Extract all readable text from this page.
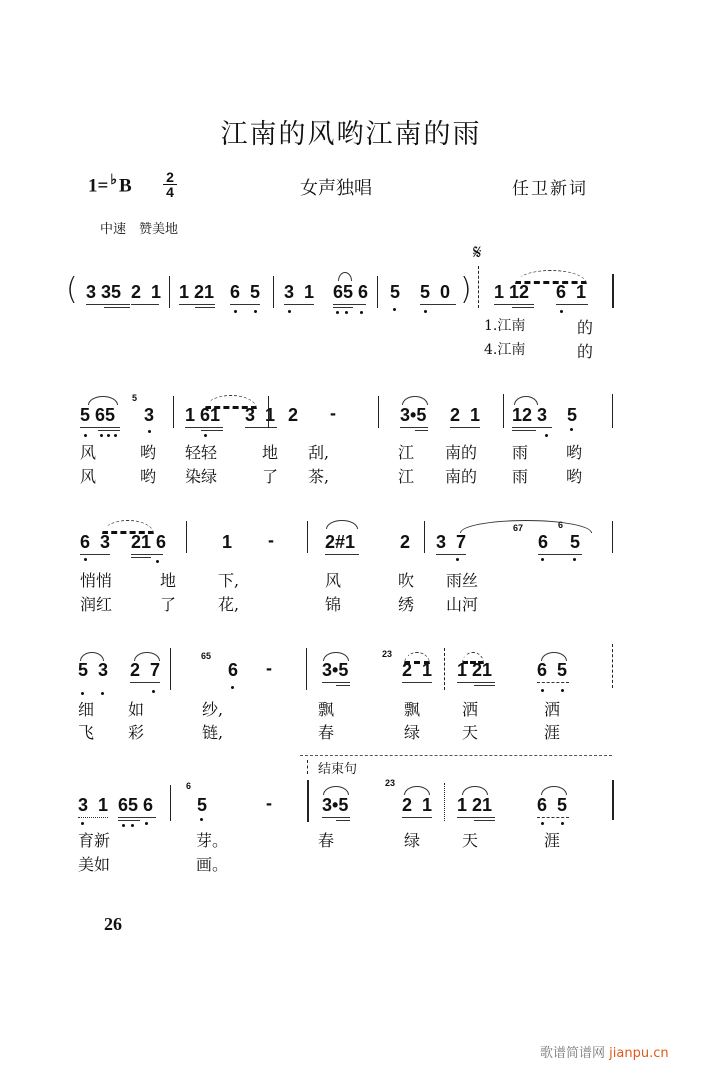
江南的风哟江南的雨
1= ♭ B 2
4	女声独唱	任卫新词
中速　赞美地
( 3 35 2  1 1 21 6  5 3  1 65 6 5 5  0 )
𝄋
1 12 6  1
1.江南	的
4.江南	的
5 65
5
3 1 61 3  1 2 -	3•5 2  1 12 3 5
风	哟 轻轻	地 刮,	江 南的 雨 哟
风	哟 染绿	了 茶,	江 南的 雨 哟
6  3 21 6	1 -	2#1 2 3  7
67
6
6
5
悄悄	地	下,	风	吹 雨丝
润红	了	花,	锦	绣 山河
5  3 2  7
65
6 -	3•5
23
2  1 1 21 6  5
细 如	纱,	飘	飘	洒	洒
飞 彩	链,	春	绿	天	涯
结束句
3  1 65 6
6
5	-	3•5
23
2  1 1 21 6  5
育新	芽。	春	绿	天	涯
美如	画。
26
歌谱简谱网 jianpu.cn
